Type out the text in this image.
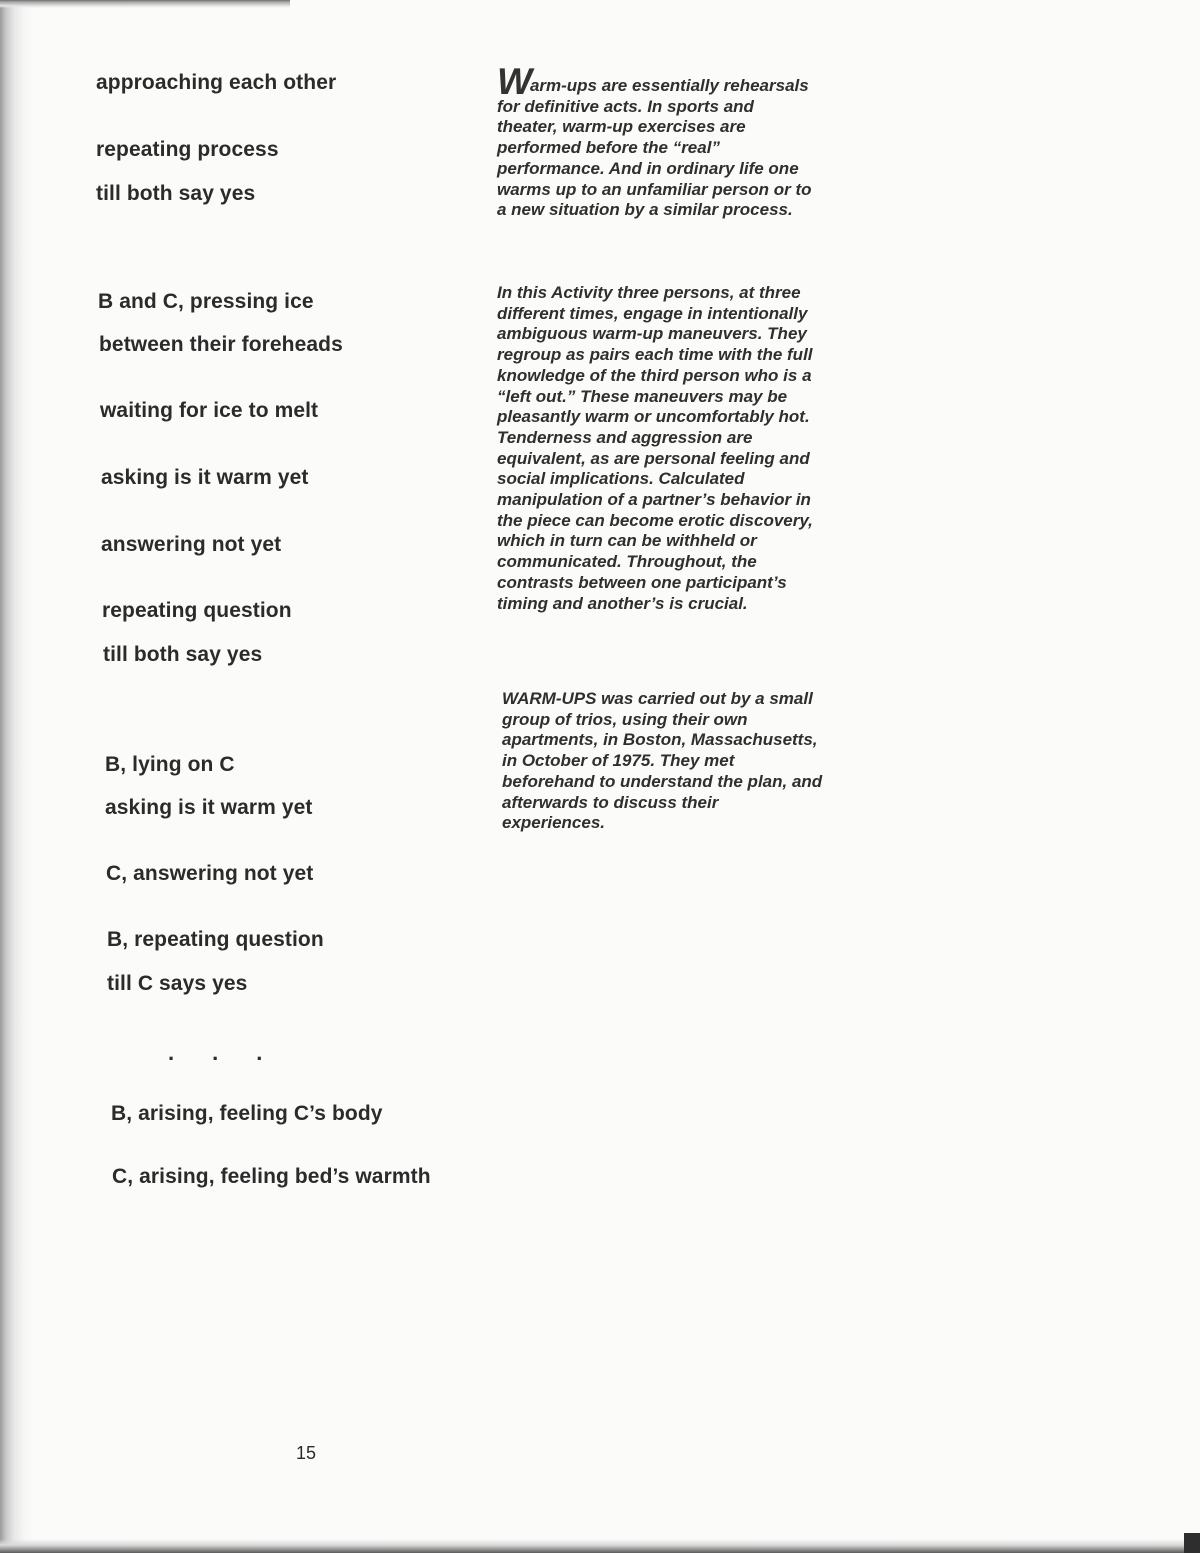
approaching each other
repeating process
till both say yes
B and C, pressing ice
between their foreheads
waiting for ice to melt
asking is it warm yet
answering not yet
repeating question
till both say yes
B, lying on C
asking is it warm yet
C, answering not yet
B, repeating question
till C says yes
...
B, arising, feeling C’s body
C, arising, feeling bed’s warmth

Warm-ups are essentially rehearsals for definitive acts. In sports and theater, warm-up exercises are performed before the “real” performance. And in ordinary life one warms up to an unfamiliar person or to a new situation by a similar process.

In this Activity three persons, at three different times, engage in intentionally ambiguous warm-up maneuvers. They regroup as pairs each time with the full knowledge of the third person who is a “left out.” These maneuvers may be pleasantly warm or uncomfortably hot. Tenderness and aggression are equivalent, as are personal feeling and social implications. Calculated manipulation of a partner’s behavior in the piece can become erotic discovery, which in turn can be withheld or communicated. Throughout, the contrasts between one participant’s timing and another’s is crucial.

WARM-UPS was carried out by a small group of trios, using their own apartments, in Boston, Massachusetts, in October of 1975. They met beforehand to understand the plan, and afterwards to discuss their experiences.

15
